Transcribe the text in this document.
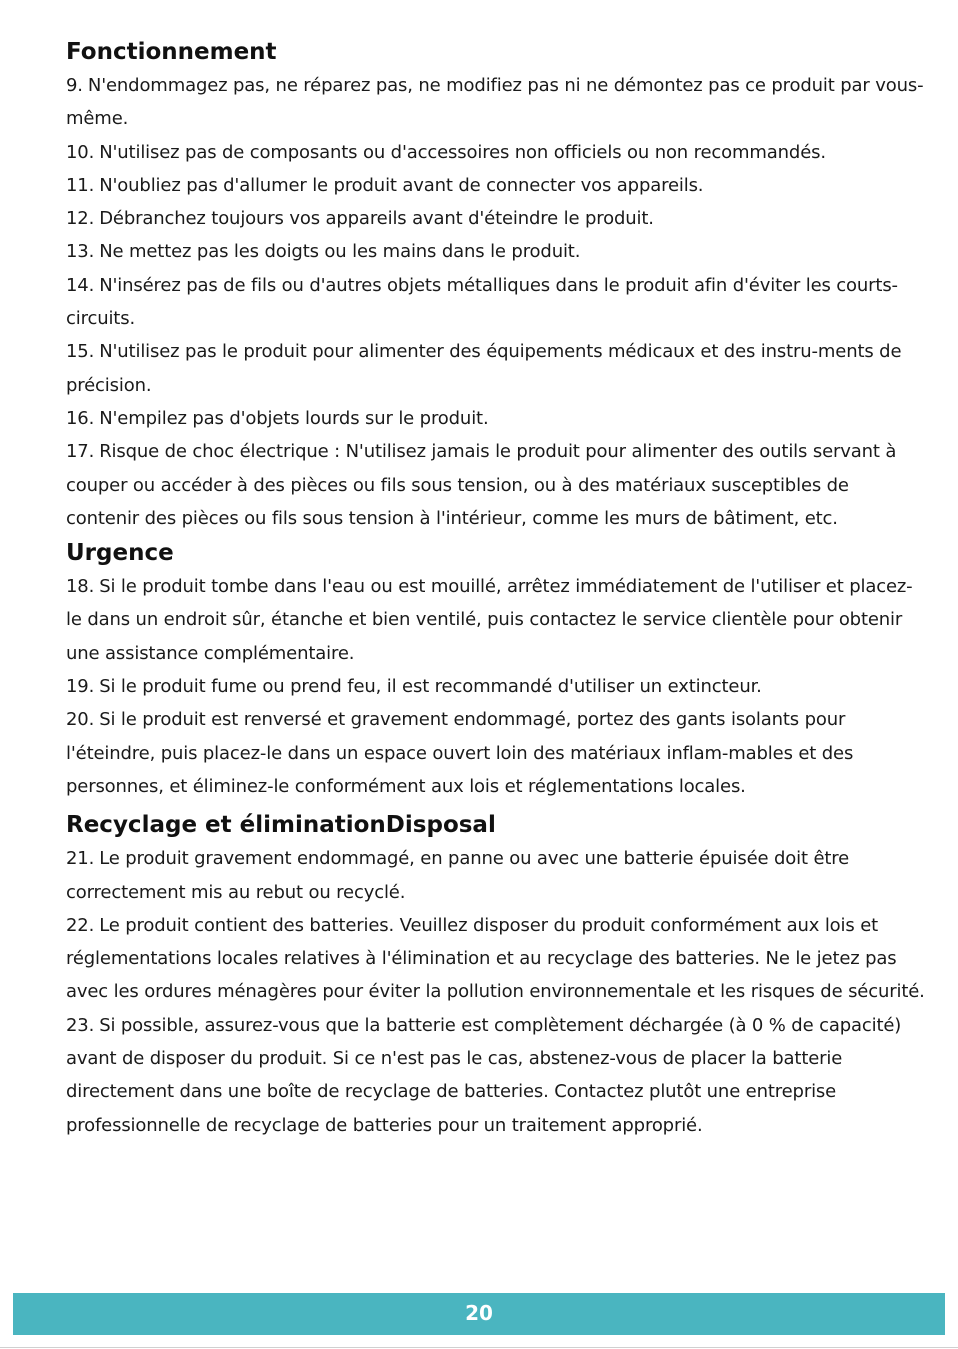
Fonctionnement

9. N'endommagez pas, ne réparez pas, ne modifiez pas ni ne démontez pas ce produit par vous-même.

10. N'utilisez pas de composants ou d'accessoires non officiels ou non recommandés.

11. N'oubliez pas d'allumer le produit avant de connecter vos appareils.

12. Débranchez toujours vos appareils avant d'éteindre le produit.

13. Ne mettez pas les doigts ou les mains dans le produit.

14. N'insérez pas de fils ou d'autres objets métalliques dans le produit afin d'éviter les courts-circuits.

15. N'utilisez pas le produit pour alimenter des équipements médicaux et des instru-ments de précision.

16. N'empilez pas d'objets lourds sur le produit.

17. Risque de choc électrique : N'utilisez jamais le produit pour alimenter des outils servant à couper ou accéder à des pièces ou fils sous tension, ou à des matériaux susceptibles de contenir des pièces ou fils sous tension à l'intérieur, comme les murs de bâtiment, etc.

Urgence

18. Si le produit tombe dans l'eau ou est mouillé, arrêtez immédiatement de l'utiliser et placez-le dans un endroit sûr, étanche et bien ventilé, puis contactez le service clientèle pour obtenir une assistance complémentaire.

19. Si le produit fume ou prend feu, il est recommandé d'utiliser un extincteur.

20. Si le produit est renversé et gravement endommagé, portez des gants isolants pour l'éteindre, puis placez-le dans un espace ouvert loin des matériaux inflam-mables et des personnes, et éliminez-le conformément aux lois et réglementations locales.

Recyclage et éliminationDisposal

21. Le produit gravement endommagé, en panne ou avec une batterie épuisée doit être correctement mis au rebut ou recyclé.

22. Le produit contient des batteries. Veuillez disposer du produit conformément aux lois et réglementations locales relatives à l'élimination et au recyclage des batteries. Ne le jetez pas avec les ordures ménagères pour éviter la pollution environnementale et les risques de sécurité.

23. Si possible, assurez-vous que la batterie est complètement déchargée (à 0 % de capacité) avant de disposer du produit. Si ce n'est pas le cas, abstenez-vous de placer la batterie directement dans une boîte de recyclage de batteries. Contactez plutôt une entreprise professionnelle de recyclage de batteries pour un traitement approprié.

20
